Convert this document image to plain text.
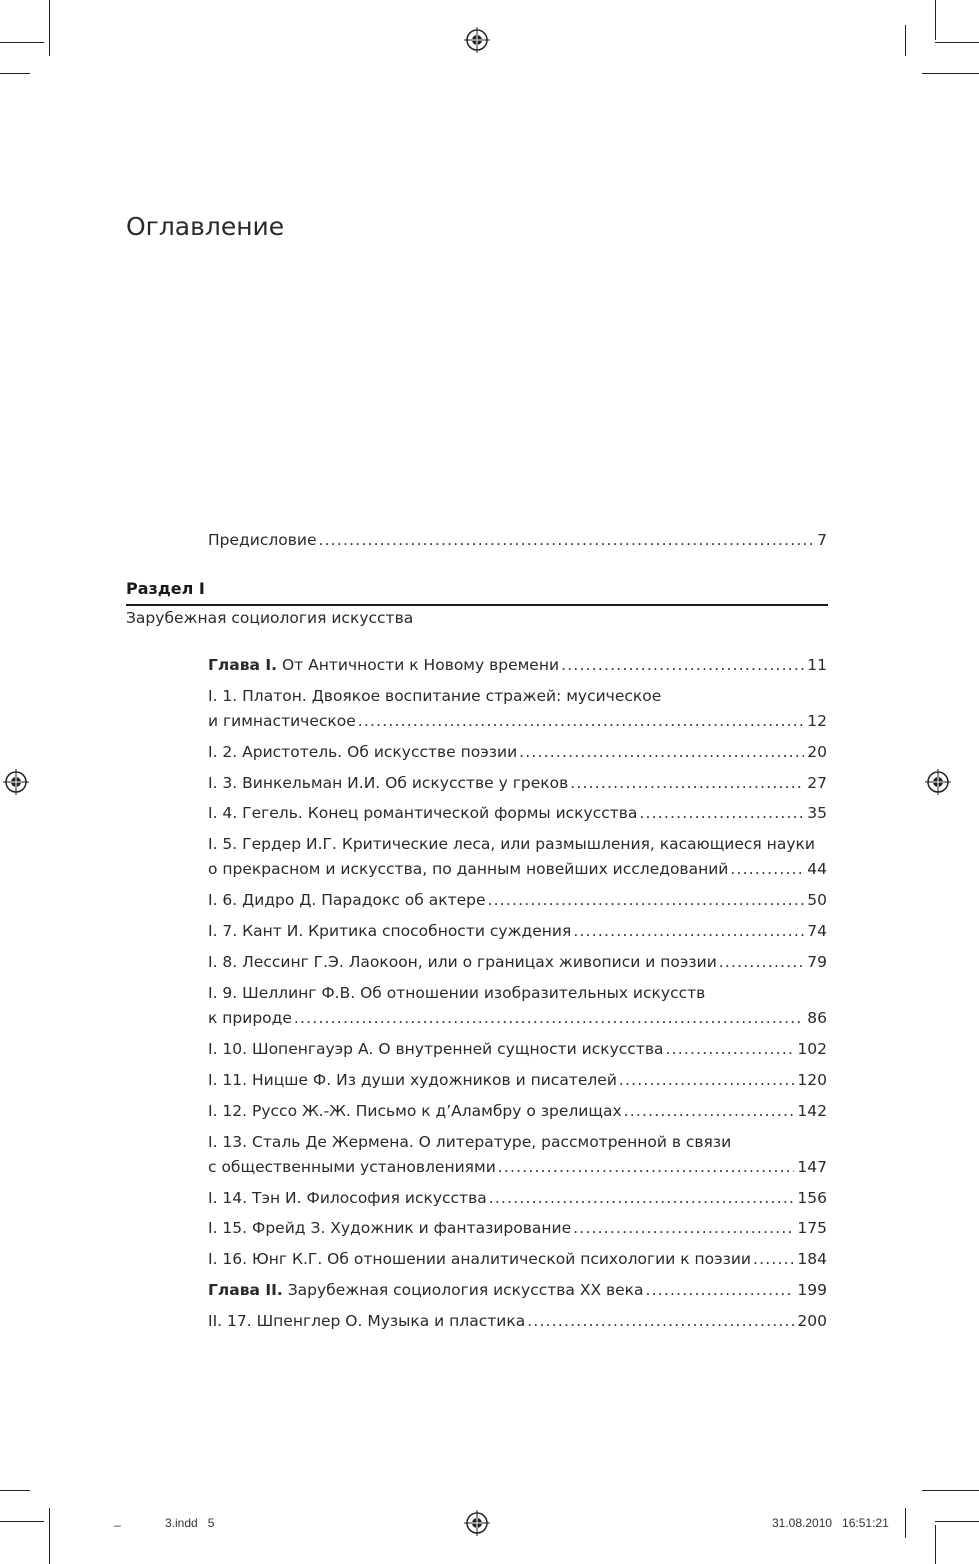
Оглавление
Предисловие .....	7
Раздел I
Зарубежная социология искусства
Глава I. От Античности к Новому времени .....	11
I. 1. Платон. Двоякое воспитание стражей: мусическое
и гимнастическое .....	12
I. 2. Аристотель. Об искусстве поэзии .....	20
I. 3. Винкельман И.И. Об искусстве у греков .....	27
I. 4. Гегель. Конец романтической формы искусства .....	35
I. 5. Гердер И.Г. Критические леса, или размышления, касающиеся науки
о прекрасном и искусства, по данным новейших исследований .....	44
I. 6. Дидро Д. Парадокс об актере .....	50
I. 7. Кант И. Критика способности суждения .....	74
I. 8. Лессинг Г.Э. Лаокоон, или о границах живописи и поэзии .....	79
I. 9. Шеллинг Ф.В. Об отношении изобразительных искусств
к природе .....	86
I. 10. Шопенгауэр А. О внутренней сущности искусства .....	102
I. 11. Ницше Ф. Из души художников и писателей .....	120
I. 12. Руссо Ж.-Ж. Письмо к д’Аламбру о зрелищах .....	142
I. 13. Сталь Де Жермена. О литературе, рассмотренной в связи
с общественными установлениями .....	147
I. 14. Тэн И. Философия искусства .....	156
I. 15. Фрейд З. Художник и фантазирование .....	175
I. 16. Юнг К.Г. Об отношении аналитической психологии к поэзии .....	184
Глава II. Зарубежная социология искусства XX века .....	199
II. 17. Шпенглер О. Музыка и пластика .....	200
_	3.indd   5	31.08.2010   16:51:21
